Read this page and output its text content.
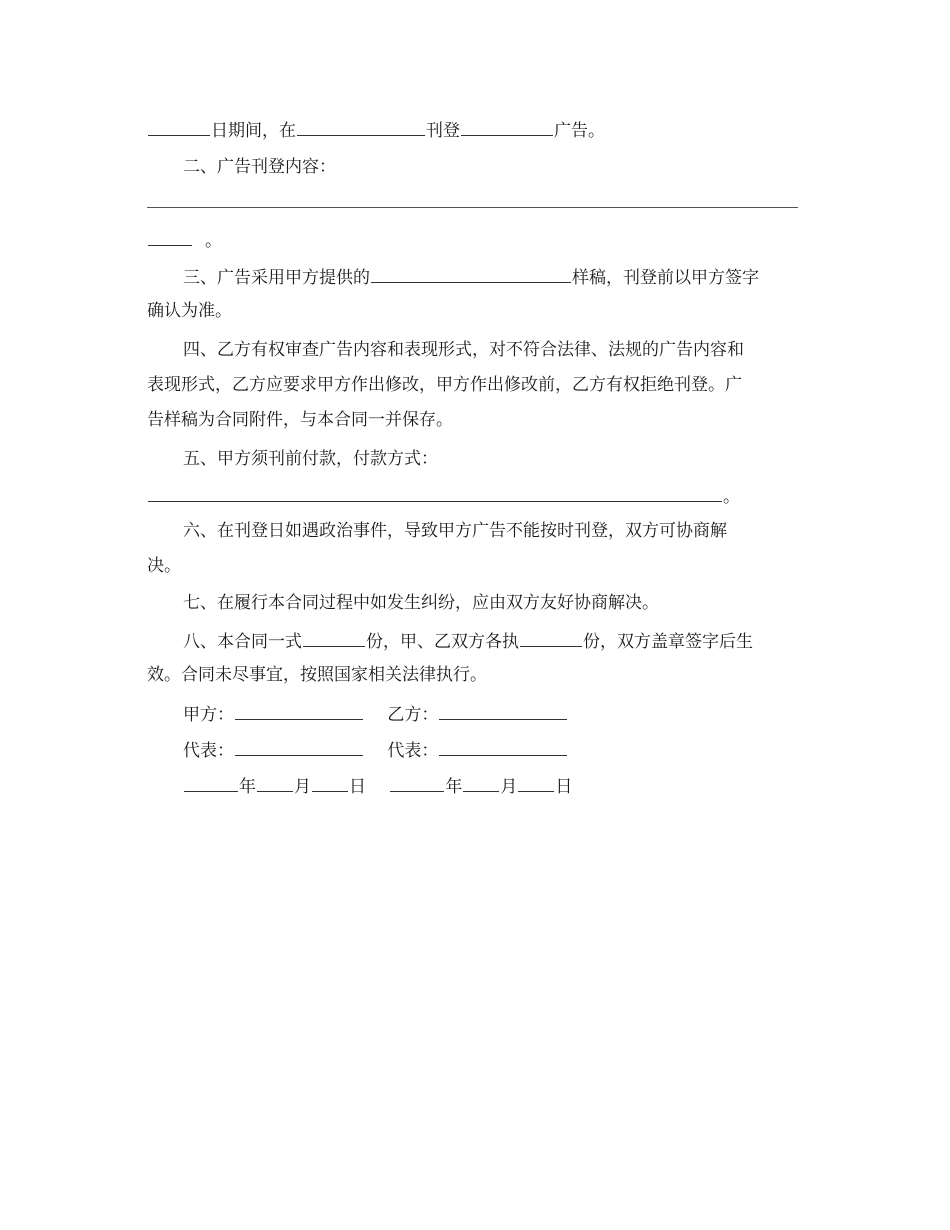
日期间，在	刊登	广告。
二、广告刊登内容：
。
三、广告采用甲方提供的	样稿，刊登前以甲方签字
确认为准。
四、乙方有权审查广告内容和表现形式，对不符合法律、法规的广告内容和
表现形式，乙方应要求甲方作出修改，甲方作出修改前，乙方有权拒绝刊登。广
告样稿为合同附件，与本合同一并保存。
五、甲方须刊前付款，付款方式：
。
六、在刊登日如遇政治事件，导致甲方广告不能按时刊登，双方可协商解
决。
七、在履行本合同过程中如发生纠纷，应由双方友好协商解决。
八、本合同一式	份，甲、乙双方各执	份，双方盖章签字后生
效。合同未尽事宜，按照国家相关法律执行。
甲方：	乙方：
代表：	代表：
年 月 日	年 月 日
